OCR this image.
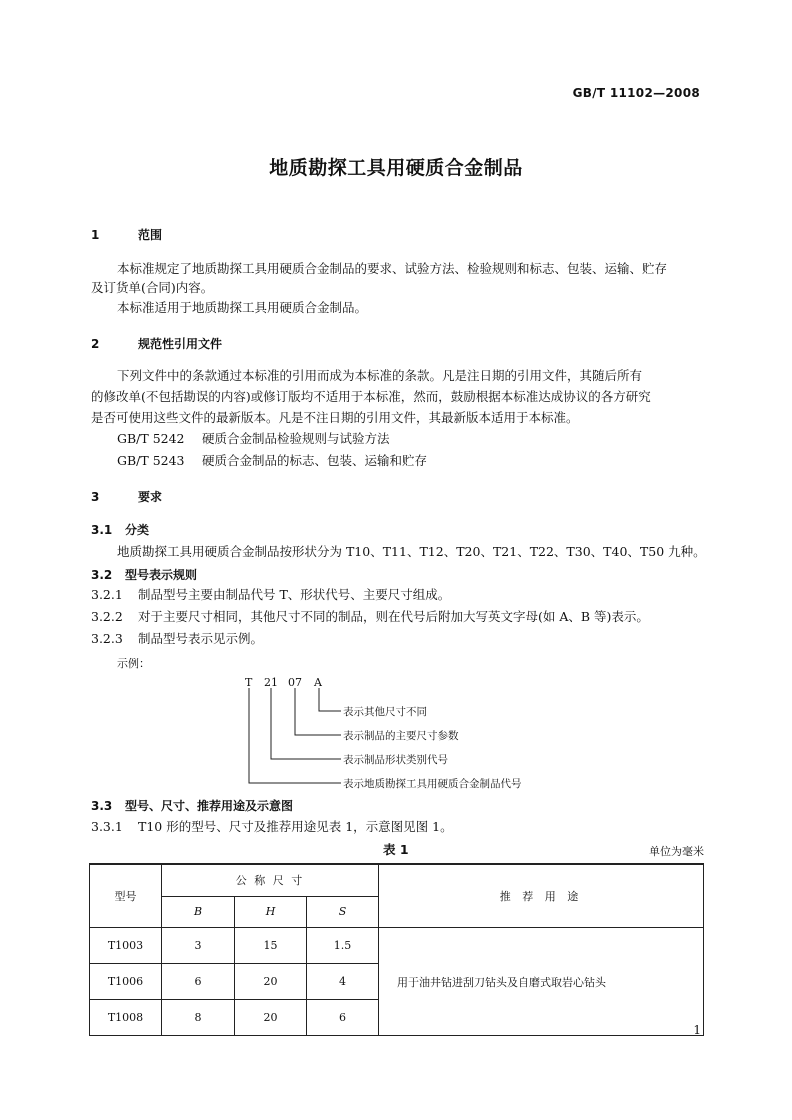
GB/T 11102—2008
地质勘探工具用硬质合金制品
1	范围
本标准规定了地质勘探工具用硬质合金制品的要求、试验方法、检验规则和标志、包装、运输、贮存
及订货单(合同)内容。
本标准适用于地质勘探工具用硬质合金制品。
2	规范性引用文件
下列文件中的条款通过本标准的引用而成为本标准的条款。凡是注日期的引用文件，其随后所有
的修改单(不包括勘误的内容)或修订版均不适用于本标准，然而，鼓励根据本标准达成协议的各方研究
是否可使用这些文件的最新版本。凡是不注日期的引用文件，其最新版本适用于本标准。
GB/T 5242 硬质合金制品检验规则与试验方法
GB/T 5243 硬质合金制品的标志、包装、运输和贮存
3	要求
3.1 分类
地质勘探工具用硬质合金制品按形状分为 T10、T11、T12、T20、T21、T22、T30、T40、T50 九种。
3.2 型号表示规则
3.2.1 制品型号主要由制品代号 T、形状代号、主要尺寸组成。
3.2.2 对于主要尺寸相同，其他尺寸不同的制品，则在代号后附加大写英文字母(如 A、B 等)表示。
3.2.3 制品型号表示见示例。
示例：
T 21 07 A
表示其他尺寸不同
表示制品的主要尺寸参数
表示制品形状类别代号
表示地质勘探工具用硬质合金制品代号
3.3 型号、尺寸、推荐用途及示意图
3.3.1 T10 形的型号、尺寸及推荐用途见表 1，示意图见图 1。
表 1	单位为毫米
型号	公 称 尺 寸			推 荐 用 途
	B	H	S	
T1003	3	15	1.5	用于油井钻进刮刀钻头及自磨式取岩心钻头
T1006	6	20	4	
T1008	8	20	6	
1
